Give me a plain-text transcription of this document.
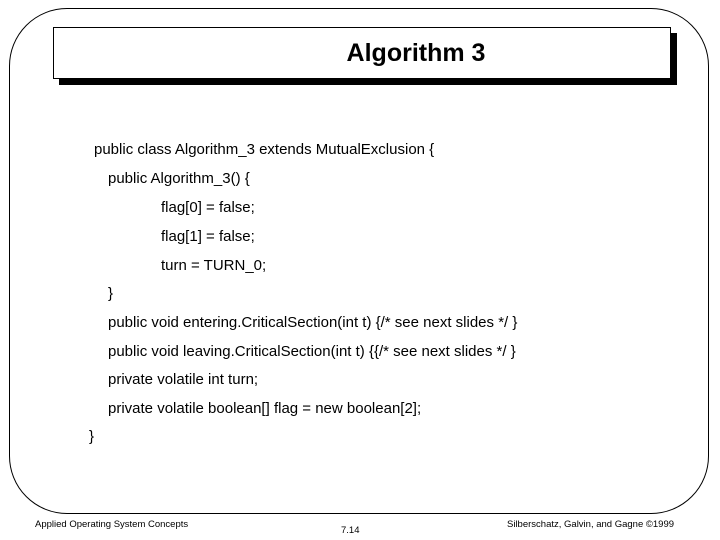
Algorithm 3
public class Algorithm_3 extends MutualExclusion {
public Algorithm_3() {
flag[0] = false;
flag[1] = false;
turn = TURN_0;
}
public void entering.CriticalSection(int t) {/* see next slides */ }
public void leaving.CriticalSection(int t) {{/* see next slides */ }
private volatile int turn;
private volatile boolean[] flag = new boolean[2];
}
Applied Operating System Concepts
7.14
Silberschatz, Galvin, and Gagne ©1999
